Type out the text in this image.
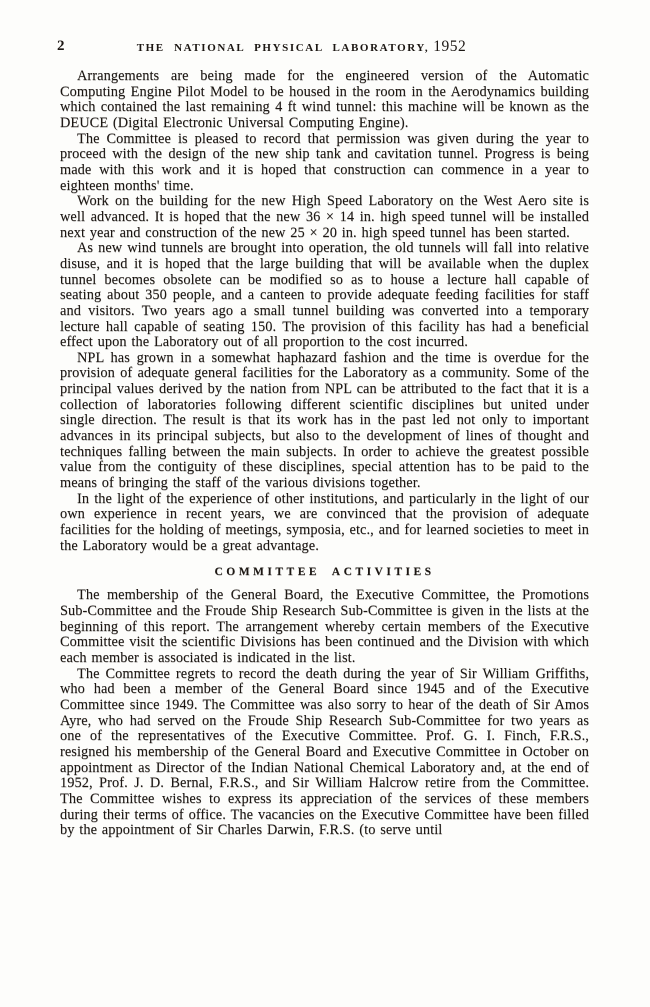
2	THE NATIONAL PHYSICAL LABORATORY, 1952

Arrangements are being made for the engineered version of the Automatic Computing Engine Pilot Model to be housed in the room in the Aerodynamics building which contained the last remaining 4 ft wind tunnel: this machine will be known as the DEUCE (Digital Electronic Universal Computing Engine).

The Committee is pleased to record that permission was given during the year to proceed with the design of the new ship tank and cavitation tunnel. Progress is being made with this work and it is hoped that construction can commence in a year to eighteen months' time.

Work on the building for the new High Speed Laboratory on the West Aero site is well advanced. It is hoped that the new 36 × 14 in. high speed tunnel will be installed next year and construction of the new 25 × 20 in. high speed tunnel has been started.

As new wind tunnels are brought into operation, the old tunnels will fall into relative disuse, and it is hoped that the large building that will be available when the duplex tunnel becomes obsolete can be modified so as to house a lecture hall capable of seating about 350 people, and a canteen to provide adequate feeding facilities for staff and visitors. Two years ago a small tunnel building was converted into a temporary lecture hall capable of seating 150. The provision of this facility has had a beneficial effect upon the Laboratory out of all proportion to the cost incurred.

NPL has grown in a somewhat haphazard fashion and the time is overdue for the provision of adequate general facilities for the Laboratory as a community. Some of the principal values derived by the nation from NPL can be attributed to the fact that it is a collection of laboratories following different scientific disciplines but united under single direction. The result is that its work has in the past led not only to important advances in its principal subjects, but also to the development of lines of thought and techniques falling between the main subjects. In order to achieve the greatest possible value from the contiguity of these disciplines, special attention has to be paid to the means of bringing the staff of the various divisions together.

In the light of the experience of other institutions, and particularly in the light of our own experience in recent years, we are convinced that the provision of adequate facilities for the holding of meetings, symposia, etc., and for learned societies to meet in the Laboratory would be a great advantage.

COMMITTEE ACTIVITIES

The membership of the General Board, the Executive Committee, the Promotions Sub-Committee and the Froude Ship Research Sub-Committee is given in the lists at the beginning of this report. The arrangement whereby certain members of the Executive Committee visit the scientific Divisions has been continued and the Division with which each member is associated is indicated in the list.

The Committee regrets to record the death during the year of Sir William Griffiths, who had been a member of the General Board since 1945 and of the Executive Committee since 1949. The Committee was also sorry to hear of the death of Sir Amos Ayre, who had served on the Froude Ship Research Sub-Committee for two years as one of the representatives of the Executive Committee. Prof. G. I. Finch, F.R.S., resigned his membership of the General Board and Executive Committee in October on appointment as Director of the Indian National Chemical Laboratory and, at the end of 1952, Prof. J. D. Bernal, F.R.S., and Sir William Halcrow retire from the Committee. The Committee wishes to express its appreciation of the services of these members during their terms of office. The vacancies on the Executive Committee have been filled by the appointment of Sir Charles Darwin, F.R.S. (to serve until
